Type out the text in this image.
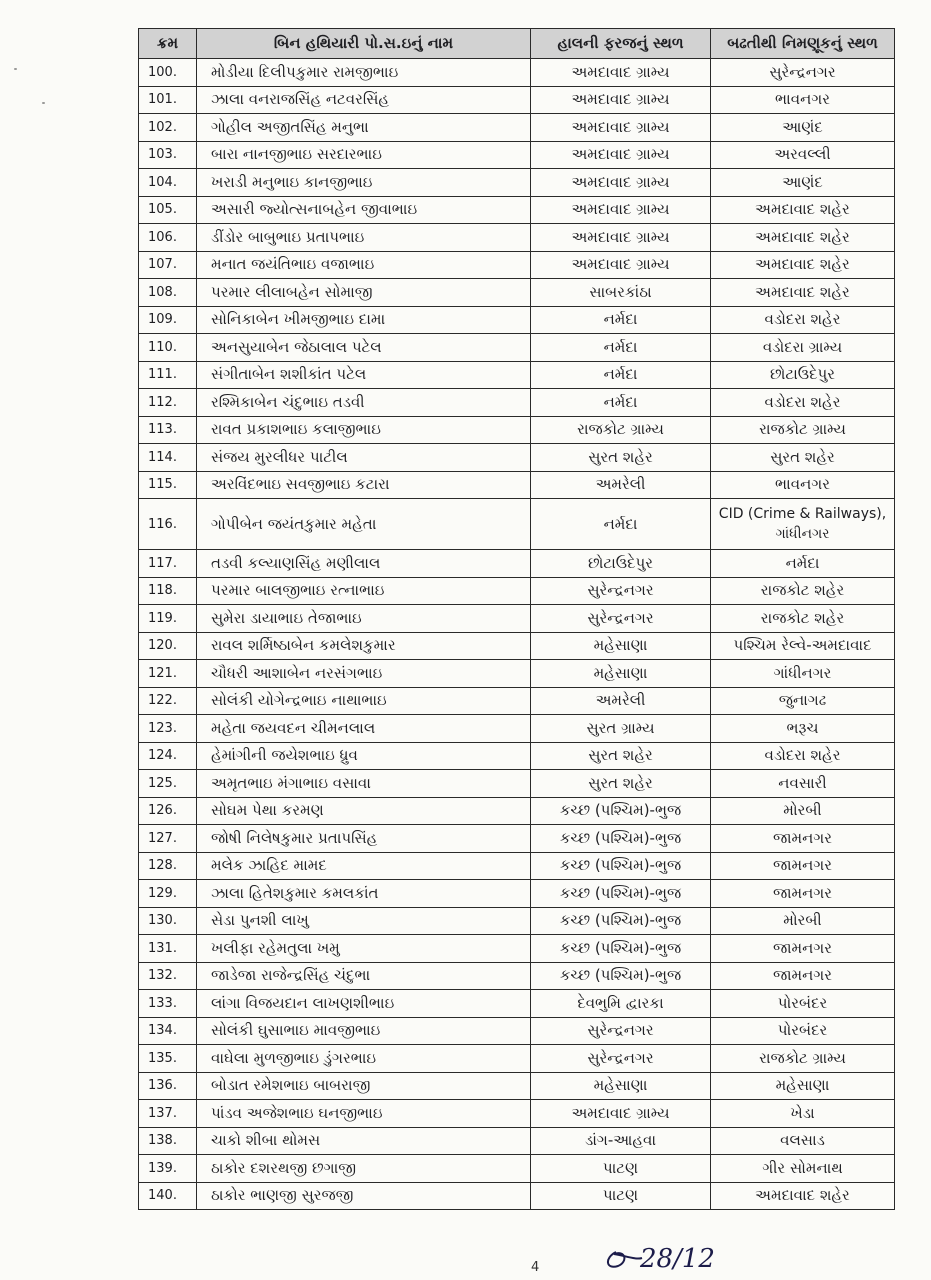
ક્રમ	બિન હથિયારી પો.સ.ઇનું નામ	હાલની ફરજનું સ્થળ	બઢતીથી નિમણૂકનું સ્થળ
100.	મોડીયા દિલીપકુમાર રામજીભાઇ	અમદાવાદ ગ્રામ્ય	સુરેન્દ્રનગર
101.	ઝાલા વનરાજસિંહ નટવરસિંહ	અમદાવાદ ગ્રામ્ય	ભાવનગર
102.	ગોહીલ અજીતસિંહ મનુભા	અમદાવાદ ગ્રામ્ય	આણંદ
103.	બારા નાનજીભાઇ સરદારભાઇ	અમદાવાદ ગ્રામ્ય	અરવલ્લી
104.	ખરાડી મનુભાઇ કાનજીભાઇ	અમદાવાદ ગ્રામ્ય	આણંદ
105.	અસારી જ્યોત્સનાબહેન જીવાભાઇ	અમદાવાદ ગ્રામ્ય	અમદાવાદ શહેર
106.	ડીંડોર બાબુભાઇ પ્રતાપભાઇ	અમદાવાદ ગ્રામ્ય	અમદાવાદ શહેર
107.	મનાત જયંતિભાઇ વજાભાઇ	અમદાવાદ ગ્રામ્ય	અમદાવાદ શહેર
108.	પરમાર લીલાબહેન સોમાજી	સાબરકાંઠા	અમદાવાદ શહેર
109.	સોનિકાબેન ખીમજીભાઇ દામા	નર્મદા	વડોદરા શહેર
110.	અનસુયાબેન જેઠાલાલ પટેલ	નર્મદા	વડોદરા ગ્રામ્ય
111.	સંગીતાબેન શશીકાંત પટેલ	નર્મદા	છોટાઉદેપુર
112.	રશ્મિકાબેન ચંદુભાઇ તડવી	નર્મદા	વડોદરા શહેર
113.	રાવત પ્રકાશભાઇ કલાજીભાઇ	રાજકોટ ગ્રામ્ય	રાજકોટ ગ્રામ્ય
114.	સંજય મુરલીધર પાટીલ	સુરત શહેર	સુરત શહેર
115.	અરવિંદભાઇ સવજીભાઇ કટારા	અમરેલી	ભાવનગર
116.	ગોપીબેન જયંતકુમાર મહેતા	નર્મદા	CID (Crime & Railways), ગાંધીનગર
117.	તડવી કલ્યાણસિંહ મણીલાલ	છોટાઉદેપુર	નર્મદા
118.	પરમાર બાલજીભાઇ રત્નાભાઇ	સુરેન્દ્રનગર	રાજકોટ શહેર
119.	સુમેરા ડાયાભાઇ તેજાભાઇ	સુરેન્દ્રનગર	રાજકોટ શહેર
120.	રાવલ શર્મિષ્ઠાબેન કમલેશકુમાર	મહેસાણા	પશ્ચિમ રેલ્વે-અમદાવાદ
121.	ચૌધરી આશાબેન નરસંગભાઇ	મહેસાણા	ગાંધીનગર
122.	સોલંકી યોગેન્દ્રભાઇ નાથાભાઇ	અમરેલી	જુનાગઢ
123.	મહેતા જયવદન ચીમનલાલ	સુરત ગ્રામ્ય	ભરૂચ
124.	હેમાંગીની જયેશભાઇ ધ્રુવ	સુરત શહેર	વડોદરા શહેર
125.	અમૃતભાઇ મંગાભાઇ વસાવા	સુરત શહેર	નવસારી
126.	સોઘમ પેથા કરમણ	કચ્છ (પશ્ચિમ)-ભુજ	મોરબી
127.	જોષી નિલેષકુમાર પ્રતાપસિંહ	કચ્છ (પશ્ચિમ)-ભુજ	જામનગર
128.	મલેક ઝાહિદ મામદ	કચ્છ (પશ્ચિમ)-ભુજ	જામનગર
129.	ઝાલા હિતેશકુમાર કમલકાંત	કચ્છ (પશ્ચિમ)-ભુજ	જામનગર
130.	સેડા પુનશી લાખુ	કચ્છ (પશ્ચિમ)-ભુજ	મોરબી
131.	ખલીફા રહેમતુલા ખમુ	કચ્છ (પશ્ચિમ)-ભુજ	જામનગર
132.	જાડેજા રાજેન્દ્રસિંહ ચંદુભા	કચ્છ (પશ્ચિમ)-ભુજ	જામનગર
133.	લાંગા વિજયદાન લાખણશીભાઇ	દેવભુમિ દ્વારકા	પોરબંદર
134.	સોલંકી ઘુસાભાઇ માવજીભાઇ	સુરેન્દ્રનગર	પોરબંદર
135.	વાઘેલા મુળજીભાઇ ડુંગરભાઇ	સુરેન્દ્રનગર	રાજકોટ ગ્રામ્ય
136.	બોડાત રમેશભાઇ બાબરાજી	મહેસાણા	મહેસાણા
137.	પાંડવ અજેશભાઇ ઘનજીભાઇ	અમદાવાદ ગ્રામ્ય	ખેડા
138.	ચાકો શીબા થોમસ	ડાંગ-આહવા	વલસાડ
139.	ઠાકોર દશરથજી છગાજી	પાટણ	ગીર સોમનાથ
140.	ઠાકોર ભાણજી સુરજજી	પાટણ	અમદાવાદ શહેર
4	28/12
